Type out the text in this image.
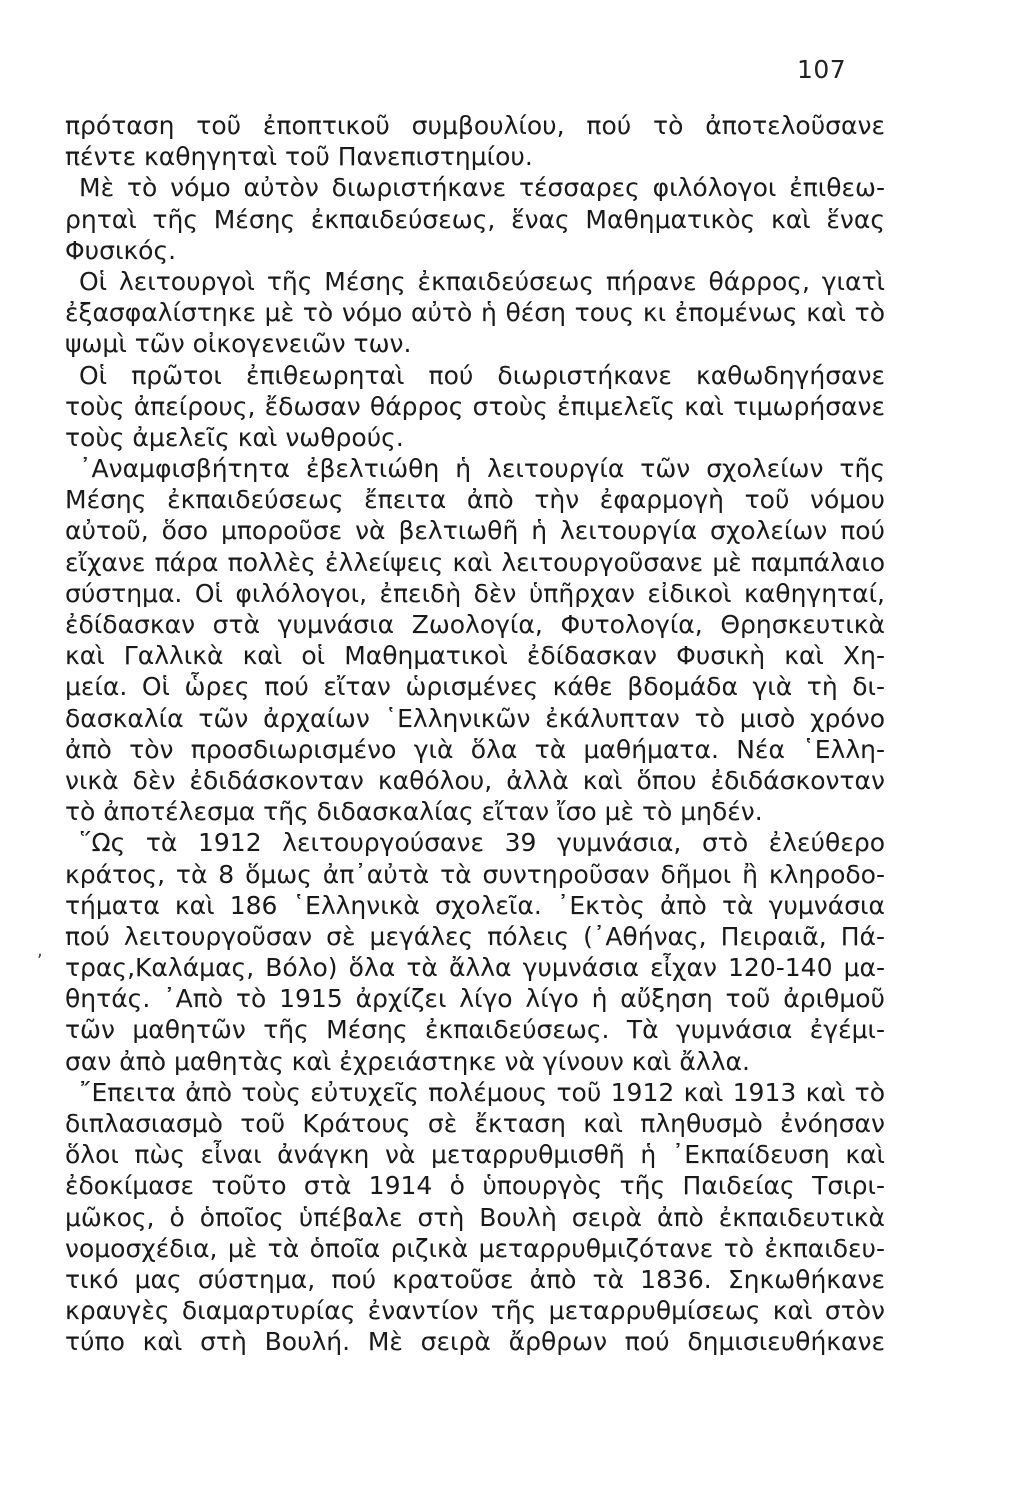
107
,
πρόταση τοῦ ἐποπτικοῦ συμβουλίου, πού τὸ ἀποτελοῦσανε
πέντε καθηγηταὶ τοῦ Πανεπιστημίου.
Μὲ τὸ νόμο αὐτὸν διωριστήκανε τέσσαρες φιλόλογοι ἐπιθεω-
ρηταὶ τῆς Μέσης ἐκπαιδεύσεως, ἕνας Μαθηματικὸς καὶ ἕνας
Φυσικός.
Οἱ λειτουργοὶ τῆς Μέσης ἐκπαιδεύσεως πήρανε θάρρος, γιατὶ
ἐξασφαλίστηκε μὲ τὸ νόμο αὐτὸ ἡ θέση τους κι ἐπομένως καὶ τὸ
ψωμὶ τῶν οἰκογενειῶν των.
Οἱ πρῶτοι ἐπιθεωρηταὶ πού διωριστήκανε καθωδηγήσανε
τοὺς ἀπείρους, ἔδωσαν θάρρος στοὺς ἐπιμελεῖς καὶ τιμωρήσανε
τοὺς ἀμελεῖς καὶ νωθρούς.
᾿Αναμφισβήτητα ἐβελτιώθη ἡ λειτουργία τῶν σχολείων τῆς
Μέσης ἐκπαιδεύσεως ἔπειτα ἀπὸ τὴν ἐφαρμογὴ τοῦ νόμου
αὐτοῦ, ὅσο μποροῦσε νὰ βελτιωθῆ ἡ λειτουργία σχολείων πού
εἴχανε πάρα πολλὲς ἐλλείψεις καὶ λειτουργοῦσανε μὲ παμπάλαιο
σύστημα. Οἱ φιλόλογοι, ἐπειδὴ δὲν ὑπῆρχαν εἰδικοὶ καθηγηταί,
ἐδίδασκαν στὰ γυμνάσια Ζωολογία, Φυτολογία, Θρησκευτικὰ
καὶ Γαλλικὰ καὶ οἱ Μαθηματικοὶ ἐδίδασκαν Φυσικὴ καὶ Χη-
μεία. Οἱ ὧρες πού εἴταν ὡρισμένες κάθε βδομάδα γιὰ τὴ δι-
δασκαλία τῶν ἀρχαίων ῾Ελληνικῶν ἐκάλυπταν τὸ μισὸ χρόνο
ἀπὸ τὸν προσδιωρισμένο γιὰ ὅλα τὰ μαθήματα. Νέα ῾Ελλη-
νικὰ δὲν ἐδιδάσκονταν καθόλου, ἀλλὰ καὶ ὅπου ἐδιδάσκονταν
τὸ ἀποτέλεσμα τῆς διδασκαλίας εἴταν ἴσο μὲ τὸ μηδέν.
῞Ως τὰ 1912 λειτουργούσανε 39 γυμνάσια, στὸ ἐλεύθερο
κράτος, τὰ 8 ὅμως ἀπ᾿αὐτὰ τὰ συντηροῦσαν δῆμοι ἢ κληροδο-
τήματα καὶ 186 ῾Ελληνικὰ σχολεῖα. ᾿Εκτὸς ἀπὸ τὰ γυμνάσια
πού λειτουργοῦσαν σὲ μεγάλες πόλεις (᾿Αθήνας, Πειραιᾶ, Πά-
τρας,Καλάμας, Βόλο) ὅλα τὰ ἄλλα γυμνάσια εἶχαν 120-140 μα-
θητάς. ᾿Απὸ τὸ 1915 ἀρχίζει λίγο λίγο ἡ αὔξηση τοῦ ἀριθμοῦ
τῶν μαθητῶν τῆς Μέσης ἐκπαιδεύσεως. Τὰ γυμνάσια ἐγέμι-
σαν ἀπὸ μαθητὰς καὶ ἐχρειάστηκε νὰ γίνουν καὶ ἄλλα.
῎Επειτα ἀπὸ τοὺς εὐτυχεῖς πολέμους τοῦ 1912 καὶ 1913 καὶ τὸ
διπλασιασμὸ τοῦ Κράτους σὲ ἔκταση καὶ πληθυσμὸ ἐνόησαν
ὅλοι πὼς εἶναι ἀνάγκη νὰ μεταρρυθμισθῆ ἡ ᾿Εκπαίδευση καὶ
ἐδοκίμασε τοῦτο στὰ 1914 ὁ ὑπουργὸς τῆς Παιδείας Τσιρι-
μῶκος, ὁ ὁποῖος ὑπέβαλε στὴ Βουλὴ σειρὰ ἀπὸ ἐκπαιδευτικὰ
νομοσχέδια, μὲ τὰ ὁποῖα ριζικὰ μεταρρυθμιζότανε τὸ ἐκπαιδευ-
τικό μας σύστημα, πού κρατοῦσε ἀπὸ τὰ 1836. Σηκωθήκανε
κραυγὲς διαμαρτυρίας ἐναντίον τῆς μεταρρυθμίσεως καὶ στὸν
τύπο καὶ στὴ Βουλή. Μὲ σειρὰ ἄρθρων πού δημισιευθήκανε
